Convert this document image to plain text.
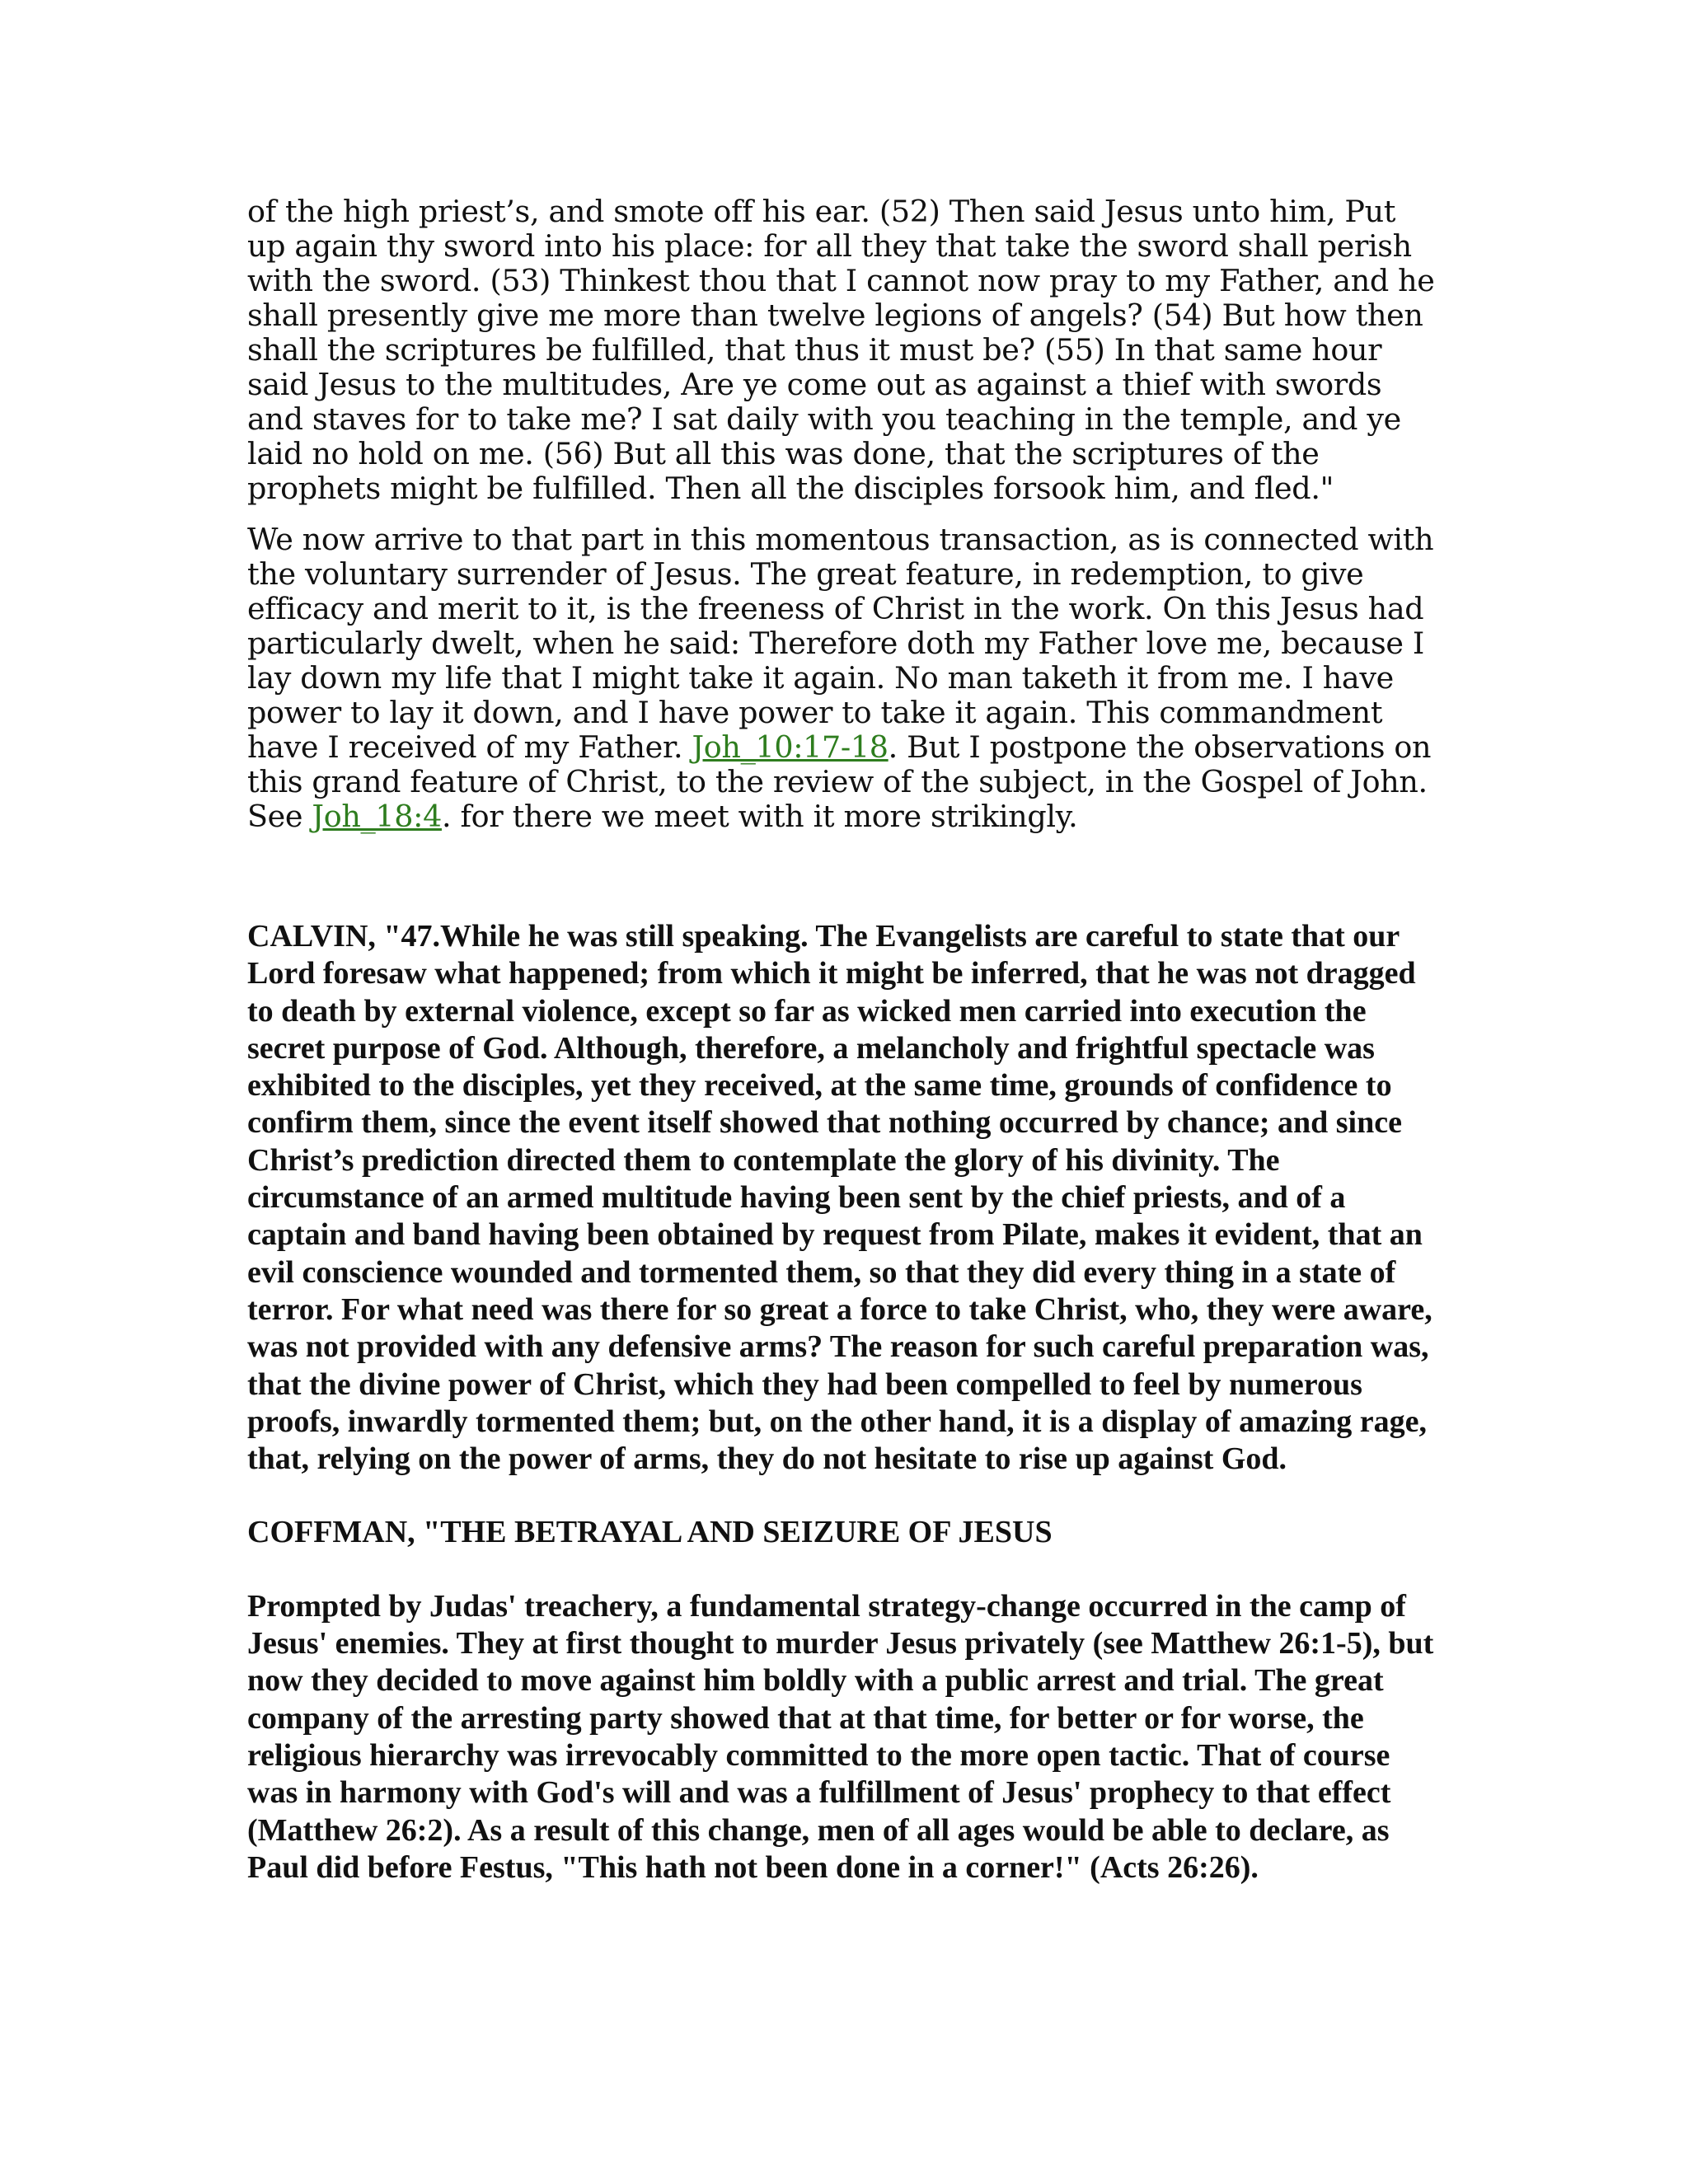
of the high priest’s, and smote off his ear. (52) Then said Jesus unto him, Put up again thy sword into his place: for all they that take the sword shall perish with the sword. (53) Thinkest thou that I cannot now pray to my Father, and he shall presently give me more than twelve legions of angels? (54) But how then shall the scriptures be fulfilled, that thus it must be? (55) In that same hour said Jesus to the multitudes, Are ye come out as against a thief with swords and staves for to take me? I sat daily with you teaching in the temple, and ye laid no hold on me. (56) But all this was done, that the scriptures of the prophets might be fulfilled. Then all the disciples forsook him, and fled."

We now arrive to that part in this momentous transaction, as is connected with the voluntary surrender of Jesus. The great feature, in redemption, to give efficacy and merit to it, is the freeness of Christ in the work. On this Jesus had particularly dwelt, when he said: Therefore doth my Father love me, because I lay down my life that I might take it again. No man taketh it from me. I have power to lay it down, and I have power to take it again. This commandment have I received of my Father. Joh_10:17-18. But I postpone the observations on this grand feature of Christ, to the review of the subject, in the Gospel of John. See Joh_18:4. for there we meet with it more strikingly.

CALVIN, "47.While he was still speaking. The Evangelists are careful to state that our Lord foresaw what happened; from which it might be inferred, that he was not dragged to death by external violence, except so far as wicked men carried into execution the secret purpose of God. Although, therefore, a melancholy and frightful spectacle was exhibited to the disciples, yet they received, at the same time, grounds of confidence to confirm them, since the event itself showed that nothing occurred by chance; and since Christ’s prediction directed them to contemplate the glory of his divinity. The circumstance of an armed multitude having been sent by the chief priests, and of a captain and band having been obtained by request from Pilate, makes it evident, that an evil conscience wounded and tormented them, so that they did every thing in a state of terror. For what need was there for so great a force to take Christ, who, they were aware, was not provided with any defensive arms? The reason for such careful preparation was, that the divine power of Christ, which they had been compelled to feel by numerous proofs, inwardly tormented them; but, on the other hand, it is a display of amazing rage, that, relying on the power of arms, they do not hesitate to rise up against God.

COFFMAN, "THE BETRAYAL AND SEIZURE OF JESUS

Prompted by Judas' treachery, a fundamental strategy-change occurred in the camp of Jesus' enemies. They at first thought to murder Jesus privately (see Matthew 26:1-5), but now they decided to move against him boldly with a public arrest and trial. The great company of the arresting party showed that at that time, for better or for worse, the religious hierarchy was irrevocably committed to the more open tactic. That of course was in harmony with God's will and was a fulfillment of Jesus' prophecy to that effect (Matthew 26:2). As a result of this change, men of all ages would be able to declare, as Paul did before Festus, "This hath not been done in a corner!" (Acts 26:26).
